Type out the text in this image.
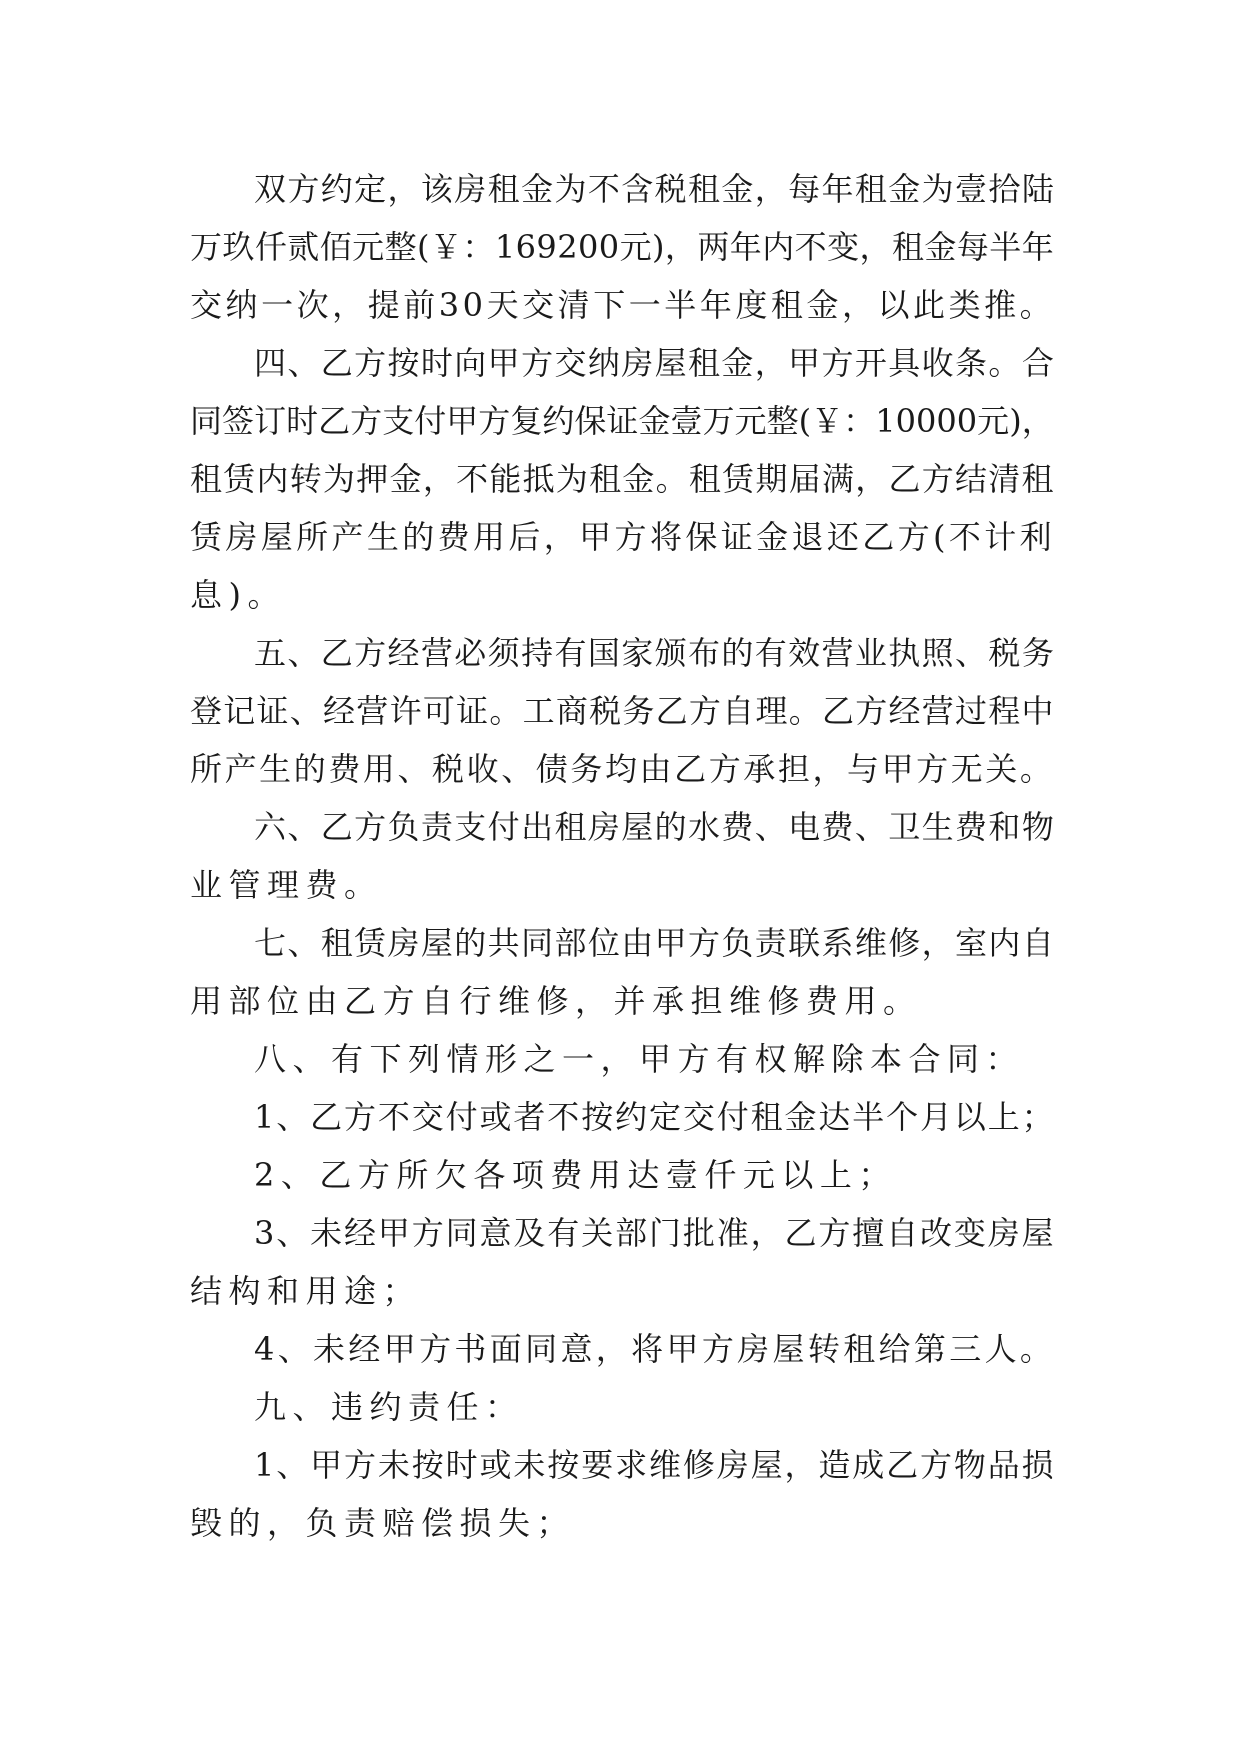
双方约定，该房租金为不含税租金，每年租金为壹拾陆
万玖仟贰佰元整(￥：169200元)，两年内不变，租金每半年
交纳一次，提前30天交清下一半年度租金，以此类推。
四、乙方按时向甲方交纳房屋租金，甲方开具收条。合
同签订时乙方支付甲方复约保证金壹万元整(￥：10000元)，
租赁内转为押金，不能抵为租金。租赁期届满，乙方结清租
赁房屋所产生的费用后，甲方将保证金退还乙方(不计利
息)。
五、乙方经营必须持有国家颁布的有效营业执照、税务
登记证、经营许可证。工商税务乙方自理。乙方经营过程中
所产生的费用、税收、债务均由乙方承担，与甲方无关。
六、乙方负责支付出租房屋的水费、电费、卫生费和物
业管理费。
七、租赁房屋的共同部位由甲方负责联系维修，室内自
用部位由乙方自行维修，并承担维修费用。
八、有下列情形之一，甲方有权解除本合同：
1、乙方不交付或者不按约定交付租金达半个月以上；
2、乙方所欠各项费用达壹仟元以上；
3、未经甲方同意及有关部门批准，乙方擅自改变房屋
结构和用途；
4、未经甲方书面同意，将甲方房屋转租给第三人。
九、违约责任：
1、甲方未按时或未按要求维修房屋，造成乙方物品损
毁的，负责赔偿损失；
